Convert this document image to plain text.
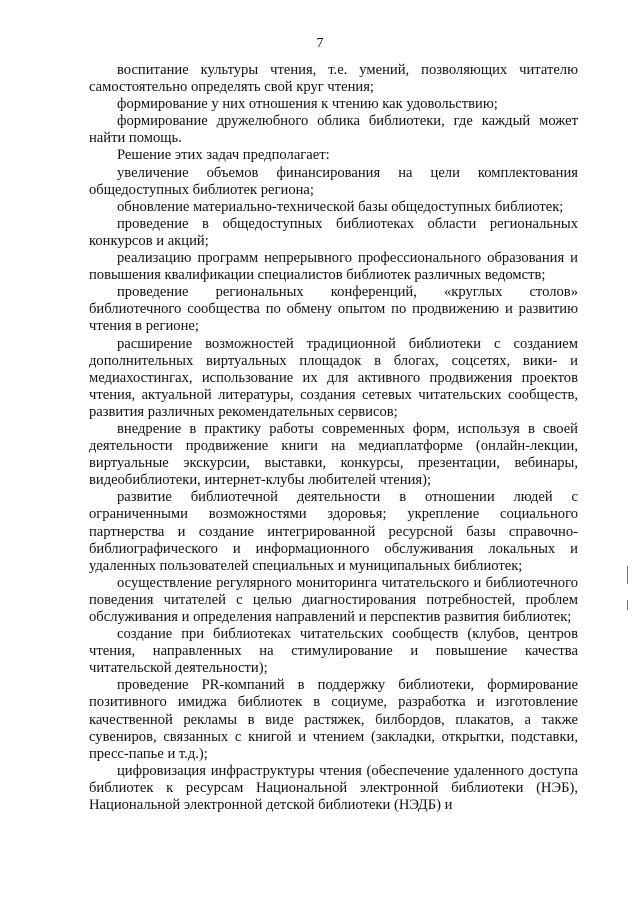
7

воспитание культуры чтения, т.е. умений, позволяющих читателю самостоятельно определять свой круг чтения;

формирование у них отношения к чтению как удовольствию;

формирование дружелюбного облика библиотеки, где каждый может найти помощь.

Решение этих задач предполагает:

увеличение объемов финансирования на цели комплектования общедоступных библиотек региона;

обновление материально-технической базы общедоступных библиотек;

проведение в общедоступных библиотеках области региональных конкурсов и акций;

реализацию программ непрерывного профессионального образования и повышения квалификации специалистов библиотек различных ведомств;

проведение региональных конференций, «круглых столов» библиотечного сообщества по обмену опытом по продвижению и развитию чтения в регионе;

расширение возможностей традиционной библиотеки с созданием дополнительных виртуальных площадок в блогах, соцсетях, вики- и медиахостингах, использование их для активного продвижения проектов чтения, актуальной литературы, создания сетевых читательских сообществ, развития различных рекомендательных сервисов;

внедрение в практику работы современных форм, используя в своей деятельности продвижение книги на медиаплатформе (онлайн-лекции, виртуальные экскурсии, выставки, конкурсы, презентации, вебинары, видеобиблиотеки, интернет-клубы любителей чтения);

развитие библиотечной деятельности в отношении людей с ограниченными возможностями здоровья; укрепление социального партнерства и создание интегрированной ресурсной базы справочно-библиографического и информационного обслуживания локальных и удаленных пользователей специальных и муниципальных библиотек;

осуществление регулярного мониторинга читательского и библиотечного поведения читателей с целью диагностирования потребностей, проблем обслуживания и определения направлений и перспектив развития библиотек;

создание при библиотеках читательских сообществ (клубов, центров чтения, направленных на стимулирование и повышение качества читательской деятельности);

проведение PR-компаний в поддержку библиотеки, формирование позитивного имиджа библиотек в социуме, разработка и изготовление качественной рекламы в виде растяжек, билбордов, плакатов, а также сувениров, связанных с книгой и чтением (закладки, открытки, подставки, пресс-папье и т.д.);

цифровизация инфраструктуры чтения (обеспечение удаленного доступа библиотек к ресурсам Национальной электронной библиотеки (НЭБ), Национальной электронной детской библиотеки (НЭДБ) и
